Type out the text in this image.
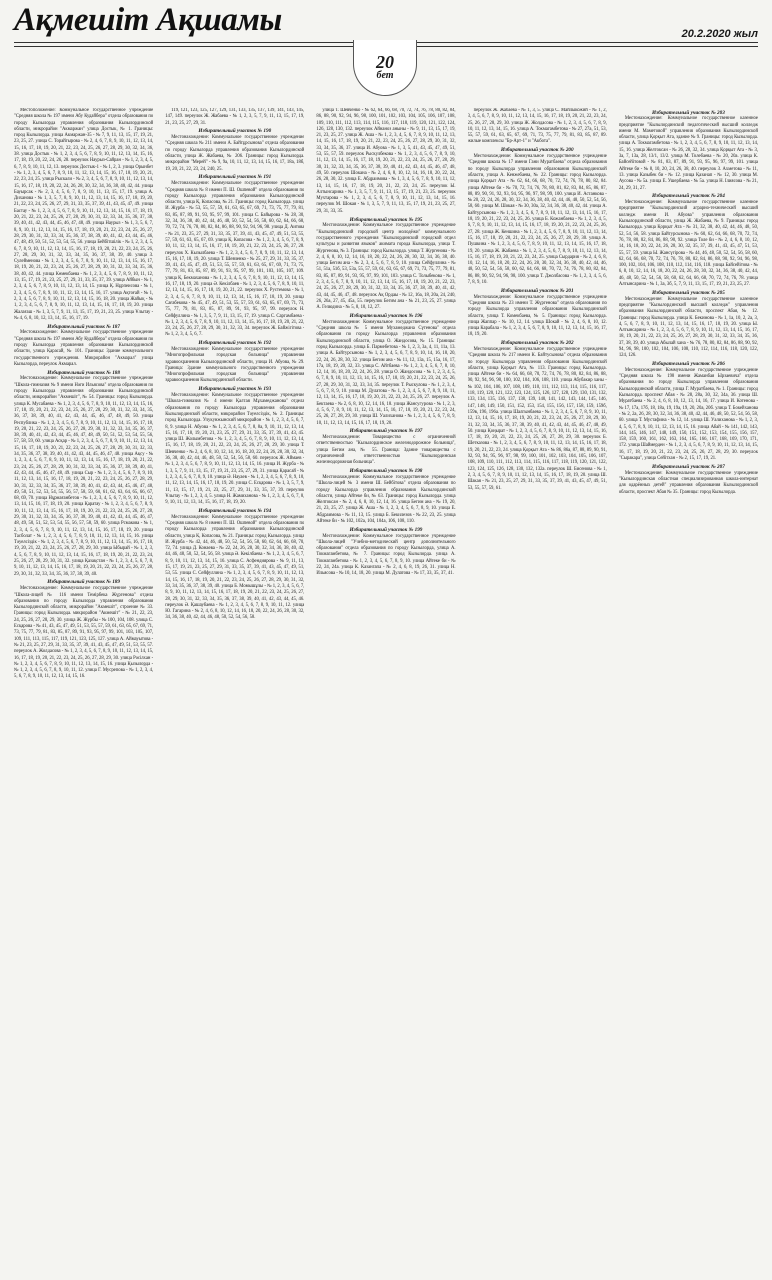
Ақмешіт Ақшамы	20.2.2020 жыл
20
бет

Местоположение: Коммунальное государственное учреждение "Средняя школа № 197 имени Абу Кудайбера" отдела образования по городу Кызылорда управления образования Кызылординской области, микрорайон "Акмаржан" улица Достык, № 1. Границы: город Кызылорда. улица Акмаржан-35 - № 7, 9, 11, 13, 15, 17, 19, 21, 23, 25, 27. улица С. Торайгырова - № 2, 4, 6, 7, 8, 9, 10, 11, 12, 13, 14, 15, 16, 17, 18, 19, 20, 21, 22, 23, 24, 25, 26, 27, 28, 29, 30, 32, 34, 36, 38. улица Достык - № 1, 2, 3, 4, 5, 6, 7, 8, 9, 10, 11, 12, 13, 14, 15, 16, 17, 18, 19, 20, 22, 24, 26, 28. переулок Наурыз-Сайран - № 1, 2, 3, 4, 5, 6, 7, 8, 9, 10, 11, 12, 13. переулок Достык-1 - № 1, 2, 3. улица Орынбет - № 1, 2, 3, 4, 5, 6, 7, 8, 9, 10, 11, 12, 13, 14, 15, 16, 17, 18, 19, 20, 21, 22, 23, 24, 25. улица Рыскали - № 2, 3, 4, 5, 6, 7, 8, 9, 10, 11, 12, 13, 14, 15, 16, 17, 18, 19, 20, 22, 24, 26, 28, 30, 32, 34, 36, 38, 40, 42, 44. улица Бауырсак - № 2, 3, 4, 5, 6, 7, 8, 9, 10, 11, 13, 15, 17, 19. улица А. Диханова - № 1, 3, 5, 7, 8, 9, 10, 11, 12, 13, 14, 15, 16, 17, 18, 19, 20, 21, 22, 23, 24, 25, 26, 27, 29, 31, 33, 35, 37, 39, 41, 43, 45, 47, 49. улица Бастау - № 1, 2, 3, 4, 5, 6, 7, 8, 9, 10, 11, 12, 13, 14, 15, 16, 17, 18, 19, 20, 21, 22, 23, 24, 25, 26, 27, 28, 29, 30, 31, 32, 33, 34, 35, 36, 37, 38, 39, 40, 41, 42, 43, 44, 45, 46, 47, 48, 49. улица Наурыз - № 1, 3, 5, 6, 7, 8, 9, 10, 11, 12, 13, 14, 15, 16, 17, 18, 19, 20, 21, 22, 23, 24, 25, 26, 27, 28, 29, 30, 31, 32, 33, 34, 35, 36, 37, 38, 39, 40, 41, 42, 43, 44, 45, 46, 47, 48, 49, 50, 51, 52, 53, 54, 55, 56. улица Бейбітшілік - № 1, 2, 3, 4, 5, 6, 7, 8, 9, 10, 11, 12, 13, 14, 15, 16, 17, 18, 19, 20, 21, 22, 23, 24, 25, 26, 27, 28, 29, 30, 31, 32, 33, 34, 35, 36, 37, 38, 39, 40. улица З. Сулейменова - № 1, 2, 3, 4, 5, 6, 7, 8, 9, 10, 11, 12, 13, 14, 15, 16, 17, 18, 19, 20, 21, 22, 23, 24, 25, 26, 27, 28, 29, 30, 31, 32, 33, 34, 35, 36, 38, 40, 42, 44. улица Көмекбаева - № 1, 2, 3, 4, 5, 6, 7, 8, 9, 10, 11, 12, 13, 15, 17, 19, 21, 23, 25, 27, 29, 31, 33, 35, 37, 39. улица Айбын - № 1, 2, 3, 4, 5, 6, 7, 8, 9, 10, 11, 12, 13, 14, 15. улица Қ. Нұрпеисова - № 1, 2, 3, 4, 5, 6, 7, 8, 9, 10, 11, 12, 13, 14, 15, 16, 17. улица Ақтоғай - № 1, 2, 3, 4, 5, 6, 7, 8, 9, 10, 11, 12, 13, 14, 15, 16, 18, 20. улица Жайық - № 1, 2, 3, 4, 5, 6, 7, 8, 9, 10, 11, 12, 13, 14, 15, 16, 17, 18, 19, 20. улица Жалағаш - № 1, 3, 5, 7, 9, 11, 13, 15, 17, 19, 21, 23, 25. улица Ұлытау - № 4, 6, 8, 10, 12, 13, 14, 15, 16, 17, 19.

Избирательный участок № 187

Местонахождение: Коммунальное государственное учреждение "Средняя школа № 197 имени Абу Кудайбера" отдела образования по городу Кызылорда управления образования Кызылординской области, улица Қарасай, № 101. Границы: Здание коммунального государственного учреждения. Микрорайон "Акмарал" улица Кызылорда, переулок Акмарал.

Избирательный участок № 188

Местонахождение: Коммунальное государственное учреждение "Школа-гимназия № 9 имени Нәги Ильясова" отдела образования по городу Кызылорда управления образования Кызылординской области, микрорайон "Акмешіт", № 54. Границы: город Кызылорда. улица К. Мусабаева - № 1, 2, 3, 4, 5, 6, 7, 8, 9, 10, 11, 12, 13, 14, 15, 16, 17, 18, 19, 20, 21, 22, 23, 24, 25, 26, 27, 28, 29, 30, 31, 32, 33, 34, 35, 36, 37, 38, 39, 40, 41, 42, 43, 44, 45, 46, 47, 48, 49, 50. улица Республика - № 1, 2, 3, 4, 5, 6, 7, 8, 9, 10, 11, 12, 13, 14, 15, 16, 17, 18, 19, 20, 21, 22, 23, 24, 25, 26, 27, 28, 29, 30, 31, 32, 33, 34, 35, 36, 37, 38, 39, 40, 41, 42, 43, 44, 45, 46, 47, 48, 49, 50, 51, 52, 53, 54, 55, 56, 57, 58, 59, 60. улица Асқар - № 1, 2, 3, 4, 5, 6, 7, 8, 9, 10, 11, 12, 13, 14, 15, 16, 17, 18, 19, 20, 21, 22, 23, 24, 25, 26, 27, 28, 29, 30, 31, 32, 33, 34, 35, 36, 37, 38, 39, 40, 41, 42, 43, 44, 45, 46, 47, 48. улица Ақсу - № 1, 2, 3, 4, 5, 6, 7, 8, 9, 10, 11, 12, 13, 14, 15, 16, 17, 18, 19, 20, 21, 22, 23, 24, 25, 26, 27, 28, 29, 30, 31, 32, 33, 34, 35, 36, 37, 38, 39, 40, 41, 42, 43, 44, 45, 46, 47, 48, 49. улица Сыр - № 1, 2, 3, 4, 5, 6, 7, 8, 9, 10, 11, 12, 13, 14, 15, 16, 17, 18, 19, 20, 21, 22, 23, 24, 25, 26, 27, 28, 29, 30, 31, 32, 33, 34, 35, 36, 37, 38, 39, 40, 41, 42, 43, 44, 45, 46, 47, 48, 49, 50, 51, 52, 53, 54, 55, 56, 57, 58, 59, 60, 61, 62, 63, 64, 65, 66, 67, 68, 69, 70. улица Нұрмағанбетов - № 1, 2, 3, 4, 5, 6, 7, 8, 9, 10, 11, 12, 13, 14, 15, 16, 17, 18, 19, 20. улица Қаратау - № 1, 2, 3, 4, 5, 6, 7, 8, 9, 10, 11, 12, 13, 14, 15, 16, 17, 18, 19, 20, 21, 22, 23, 24, 25, 26, 27, 28, 29, 30, 31, 32, 33, 34, 35, 36, 37, 38, 39, 40, 41, 42, 43, 44, 45, 46, 47, 48, 49, 50, 51, 52, 53, 54, 55, 56, 57, 58, 59, 60. улица Рсмакова - № 1, 2, 3, 4, 5, 6, 7, 8, 9, 10, 11, 12, 13, 14, 15, 16, 17, 18, 19, 20. улица Тасболат - № 1, 2, 3, 4, 5, 6, 7, 8, 9, 10, 11, 12, 13, 14, 15, 16. улица Тәуелсіздік - № 1, 2, 3, 4, 5, 6, 7, 8, 9, 10, 11, 12, 13, 14, 15, 16, 17, 18, 19, 20, 21, 22, 23, 24, 25, 26, 27, 28, 29, 30. улица Ыбырай - № 1, 2, 3, 4, 5, 6, 7, 8, 9, 10, 11, 12, 13, 14, 15, 16, 17, 18, 19, 20, 21, 22, 23, 24, 25, 26, 27, 28, 29, 30, 31, 32. улица Қазақстан - № 1, 2, 3, 4, 5, 6, 7, 8, 9, 10, 11, 12, 13, 14, 15, 16, 17, 18, 19, 20, 21, 22, 23, 24, 25, 26, 27, 28, 29, 30, 31, 32, 33, 34, 35, 36, 37, 38, 39, 40.

Избирательный участок № 189

Местонахождение: Коммунальное государственное учреждение "Школа-лицей № 116 имени Темірбека Жүргенова" отдела образования по городу Кызылорда управления образования Кызылординской области, микрорайон "Акмешіт", строение № 33. Границы: город Кызылорда. микрорайон "Акмешіт" - № 21, 22, 23, 24, 25, 26, 27, 28, 29, 30. улица Ж. Жүрбы - № 100, 104, 108. улица С. Есқарова - № 41, 43, 45, 47, 49, 51, 53, 55, 57, 59, 61, 63, 65, 67, 69, 71, 73, 75, 77, 79, 81, 83, 85, 87, 89, 91, 93, 95, 97, 99, 101, 103, 105, 107, 109, 111, 113, 115, 117, 119, 121, 123, 125, 127. улица А. Аймауытова - № 21, 23, 25, 27, 29, 31, 33, 35, 37, 39, 41, 43, 45, 47, 49, 51, 53, 55, 57. переулок А. Жолдасова - № 1, 2, 3, 4, 5, 6, 7, 8, 9, 10, 11, 12, 13, 14, 15, 16, 17, 18, 19, 20, 21, 22, 23, 24, 25, 26, 27, 28, 29, 30. улица Рәсілхан - № 1, 2, 3, 4, 5, 6, 7, 8, 9, 10, 11, 12, 13, 14, 15, 16. улица Қызылорда - № 1, 2, 3, 4, 5, 6, 7, 8, 9, 10, 11, 12. улица Г. Мусрепова - № 1, 2, 3, 4, 5, 6, 7, 8, 9, 10, 11, 12, 13, 14, 15, 16.

119, 121, 123, 125, 127, 129, 131, 133, 135, 137, 139, 141, 143, 145, 147, 149. переулок Ж. Жабаева - № 1, 2, 3, 5, 7, 9, 11, 13, 15, 17, 19, 21, 23, 25, 27, 29, 31.

Избирательный участок № 190

Местонахождение: Коммунальное государственное учреждение "Средняя школа № 211 имени А. Байтұрсынова" отдела образования по городу Кызылорда управления образования Кызылординской области, улица Ж. Жабаева, № 206. Границы: город Кызылорда. микрорайон "Мерей" - № 9, 9а, 10, 11, 12, 13, 14, 15, 16, 17, 18а, 18б, 19, 20, 21, 22, 23, 24, 240, 25.

Избирательный участок № 191

Местонахождение: Коммунальное государственное учреждение "Средняя школа № 8 имени П. Ш. Ошпевой" отдела образования по городу Кызылорда управления образования Кызылординской области, улица Қ. Копасова, № 21. Границы: город Кызылорда. улица И. Жүрба - № 53, 55, 57, 59, 61, 63, 65, 67, 69, 71, 73, 75, 77, 79, 81, 83, 85, 87, 89, 91, 93, 95, 97, 99, 101. улица С. Байырова - № 28, 30, 32, 34, 36, 38, 40, 42, 44, 46, 48, 50, 52, 54, 56, 58, 60, 62, 64, 66, 68, 70, 72, 74, 76, 78, 80, 82, 84, 86, 88, 90, 92, 94, 96, 98. улица Д. Аитова - № 21, 23, 25, 27, 29, 31, 33, 35, 37, 39, 41, 43, 45, 47, 49, 51, 53, 55, 57, 59, 61, 63, 65, 67, 69. улица Қ. Копасова - № 1, 2, 3, 4, 5, 6, 7, 8, 9, 10, 11, 12, 13, 14, 15, 16, 17, 18, 19, 20, 21, 22, 23, 24, 25, 26, 27, 28. переулок Х. Кызылбаева - № 1, 2, 3, 4, 5, 6, 7, 8, 9, 10, 11, 12, 13, 14, 15, 16, 17, 18, 19, 20. улица Т. Шевченко - № 25, 27, 29, 31, 33, 35, 37, 39, 41, 43, 45, 47, 49, 51, 53, 55, 57, 59, 61, 63, 65, 67, 69, 71, 73, 75, 77, 79, 81, 83, 85, 87, 89, 91, 93, 95, 97, 99, 101, 103, 105, 107, 109. улица Қ. Бекмаханова - № 1, 2, 3, 4, 5, 6, 7, 8, 9, 10, 11, 12, 13, 14, 15, 16, 17, 18, 19, 20. улица Ә. Кекілбаев - № 1, 2, 3, 4, 5, 6, 7, 8, 9, 10, 11, 12, 13, 14, 15, 16, 17, 18, 19, 20, 21, 22. переулок Х. Рустемова - № 1, 2, 3, 4, 5, 6, 7, 8, 9, 10, 11, 12, 13, 14, 15, 16, 17, 18, 19, 20. улица Сағабекова - № 45, 47, 49, 51, 53, 55, 57, 59, 61, 63, 65, 67, 69, 71, 73, 75, 77, 79, 81, 83, 85, 87, 89, 91, 93, 95, 97, 99. переулок Н. Сейфуллина - № 1, 3, 5, 7, 9, 11, 13, 15, 17, 19. улица С. Саргамбаева - № 1, 2, 3, 4, 5, 6, 7, 8, 9, 10, 11, 12, 13, 14, 15, 16, 17, 18, 19, 20, 21, 22, 23, 24, 25, 26, 27, 28, 29, 30, 31, 32, 33, 34. переулок Ж. Байжігітова - № 1, 2, 3, 4, 5, 6, 7.

Избирательный участок № 192

Местонахождение: Коммунальное государственное учреждение "Многопрофильная городская больница" управления здравоохранения Кызылординской области, улица И. Абуова, № 29. Граница: Здание коммунального государственного учреждения "Многопрофильная городская больница" управления здравоохранения Кызылординской области.

Избирательный участок № 193

Местонахождение: Коммунальное государственное учреждение "Школа-гимназия № 4 имени Қалтая Мұхамеджанова" отдела образования по городу Кызылорда управления образования Кызылординской области, микрорайон Тәуелсіздік, № 2. Границы: город Кызылорда. Улукунжынский микрорайон - № 1, 2, 3, 4, 5, 6, 7, 8, 9. улица Н. Абуова - № 1, 2, 3, 4, 5, 6, 7, 8, 8а, 9, 10, 11, 12, 13, 14, 15, 16, 17, 18, 19, 20, 21, 23, 25, 27, 29, 31, 33, 35, 37, 39, 41, 43, 45. улица Ш. Жолымбетова - № 1, 2, 3, 4, 5, 6, 7, 8, 9, 10, 11, 12, 13, 14, 15, 16, 17, 18, 19, 20, 21, 22, 23, 24, 25, 26, 27, 28, 29, 30. улица Т. Шевченко - № 2, 4, 6, 8, 10, 12, 14, 16, 18, 20, 22, 24, 26, 28, 30, 32, 34, 36, 38, 40, 42, 44, 46, 48, 50, 52, 54, 56, 58, 60. переулок Ж. Аймаев - № 1, 2, 3, 4, 5, 6, 7, 8, 9, 10, 11, 12, 13, 14, 15, 16. улица И. Жүрба - № 1, 3, 5, 7, 9, 11, 13, 15, 17, 19, 21, 23, 25, 27, 29, 31. улица Қарасай - № 1, 2, 3, 4, 5, 6, 7, 8, 9, 10. улица Ә. Науаев - № 1, 2, 3, 4, 5, 6, 7, 8, 9, 10, 11, 12, 13, 14, 15, 16, 17, 18, 19, 20. улица С. Есқарова - № 1, 3, 5, 7, 9, 11, 13, 15, 17, 19, 21, 23, 25, 27, 29, 31, 33, 35, 37, 39. переулок Ұлытау - № 1, 2, 3, 4, 5. улица Н. Жамиханова - № 1, 2, 3, 4, 5, 6, 7, 8, 9, 10, 11, 12, 13, 14, 15, 16, 17, 18, 19, 20.

Избирательный участок № 194

Местонахождение: Коммунальное государственное учреждение "Средняя школа № 8 имени П. Ш. Ошпевой" отдела образования по городу Кызылорда управления образования Кызылординской области, улица Қ. Копасова, № 21. Границы: город Кызылорда. улица И. Жүрба - № 42, 44, 46, 48, 50, 52, 54, 56, 58, 60, 62, 64, 66, 68, 70, 72, 74. улица Д. Конаева - № 22, 24, 26, 28, 30, 32, 34, 36, 38, 40, 42, 44, 46, 48, 50, 52, 54, 56, 58. улица Ә. Кекілбаева - № 1, 2, 3, 4, 5, 6, 7, 8, 9, 10, 11, 12, 13, 14, 15, 16. улица С. Асфендиярова - № 9, 11, 13, 15, 17, 19, 21, 23, 25, 27, 29, 31, 33, 35, 37, 39, 41, 43, 45, 47, 49, 51, 53, 55. улица С. Сейфуллина - № 1, 2, 3, 4, 5, 6, 7, 8, 9, 10, 11, 12, 13, 14, 15, 16, 17, 18, 19, 20, 21, 22, 23, 24, 25, 26, 27, 28, 29, 30, 31, 32, 33, 34, 35, 36, 37, 38, 39, 40. улица Б. Момышұлы - № 1, 2, 3, 4, 5, 6, 7, 8, 9, 10, 11, 12, 13, 14, 15, 16, 17, 18, 19, 20, 21, 22, 23, 24, 25, 26, 27, 28, 29, 30, 31, 32, 33, 34, 35, 36, 37, 38, 39, 40, 41, 42, 43, 44, 45, 46. переулок Ә. Қашаубаева - № 1, 2, 3, 4, 5, 6, 7, 8, 9, 10, 11, 12. улица Ю. Гагарина - № 2, 4, 6, 8, 10, 12, 14, 16, 18, 20, 22, 24, 26, 28, 30, 32, 34, 36, 38, 40, 42, 44, 46, 48, 50, 52, 54, 56, 58.

улица Т. Шевченко - № 62, 64, 66, 68, 70, 72, 74, 76, 78, 80, 82, 84, 86, 88, 90, 92, 94, 96, 98, 100, 101, 102, 103, 104, 105, 106, 107, 108, 109, 110, 111, 112, 113, 114, 115, 116, 117, 118, 119, 120, 121, 122, 124, 126, 128, 130, 132. переулок Айнаноз аныны - № 9, 11, 13, 15, 17, 19, 21, 23, 25, 27. улица Ж. Аша - № 1, 2, 3, 4, 5, 6, 7, 8, 9, 10, 11, 12, 13, 14, 15, 16, 17, 18, 19, 20, 21, 22, 23, 24, 25, 26, 27, 28, 29, 30, 31, 32, 33, 34, 35, 36, 37. улица И. Абуова - № 1, 3, 5, 41, 43, 45, 47, 49, 51, 53, 55, 57, 59. переулок Рыскулбекова - № 1, 2, 3, 4, 5, 6, 7, 8, 9, 10, 11, 12, 13, 14, 15, 16, 17, 18, 19, 20, 21, 22, 23, 24, 25, 26, 27, 28, 29, 30, 31, 32, 33, 34, 35, 36, 37, 38, 39, 40, 41, 42, 43, 44, 45, 46, 47, 48, 49, 50. переулок Шокана - № 2, 4, 6, 8, 10, 12, 14, 16, 18, 20, 22, 24, 26, 28, 30, 32. улица Е. Абдраимова - № 1, 3, 4, 5, 6, 7, 8, 9, 10, 11, 12, 13, 14, 15, 16, 17, 18, 19, 20, 21, 22, 23, 24, 25. переулок Ы. Алтынсарина - № 1, 3, 5, 7, 9, 11, 13, 15, 17, 19, 21, 23, 25. переулок Мухтарова - № 1, 2, 3, 4, 5, 6, 7, 8, 9, 10, 11, 12, 13, 14, 15, 16. переулок М. Шокая - № 1, 3, 5, 7, 9, 11, 13, 15, 17, 19, 21, 23, 25, 27, 29, 31, 33, 35.

Избирательный участок № 195

Местонахождение: Коммунальное государственное учреждение "Кызылординский городской центр молодёжи" коммунального государственного учреждения "Кызылординский городской отдел культуры и развития языков" акимата города Кызылорда, улица Т. Жургенова, № 3. Границы: город Кызылорда. улица Т. Жургенова - № 2, 4, 6, 8, 10, 12, 14, 16, 18, 20, 22, 24, 26, 28, 30, 32, 34, 36, 38, 40. улица Бегим ана - № 2, 3, 4, 5, 6, 7, 8, 9, 10. улица Сейфуллина - № 51, 51а, 51б, 53, 53а, 55, 57, 59, 61, 63, 65, 67, 69, 71, 73, 75, 77, 79, 81, 83, 85, 87, 89, 91, 93, 95, 97, 99, 101, 103. улица С. Толыбекова - № 1, 2, 3, 4, 5, 6, 7, 8, 9, 10, 11, 12, 13, 14, 15, 16, 17, 18, 19, 20, 21, 22, 23, 24, 25, 26, 27, 28, 29, 30, 31, 32, 33, 34, 35, 36, 37, 38, 39, 40, 41, 42, 43, 44, 45, 46, 47, 48. переулок Ақ Ордаы - № 12, 16а, 18, 20а, 24, 240, 26, 26а, 27, 45, 45а, 55. переулок Бегим ана - № 21, 23, 25, 27. улица А. Гелюдина - № 5, 8, 10, 12, 27.

Избирательный участок № 196

Местонахождение: Коммунальное государственное учреждение "Средняя школа № 5 имени Мухамеджана Сүтенова" отдела образования по городу Кызылорда управления образования Кызылординской области, улица О. Жандосова, № 15. Границы: город Кызылорда. улица Б. Пармебетова - № 1, 2, 3, 3а, 4, 11, 11а, 13. улица А. Байтурсынова - № 1, 2, 3, 4, 5, 6, 7, 8, 9, 10, 14, 16, 18, 20, 22, 24, 26, 28, 30, 32. улица Бегим ана - № 11, 12, 13а, 15, 15а, 16, 17, 17а, 18, 19, 20, 32, 33. улица С. Айтбаева - № 1, 2, 3, 4, 5, 6, 7, 8, 10, 12, 14, 16, 18, 20, 22, 24, 26, 28. улица О. Жандосова - № 1, 2, 3, 4, 5, 6, 7, 8, 9, 10, 11, 12, 13, 14, 15, 16, 17, 18, 19, 20, 21, 22, 23, 24, 25, 26, 27, 28, 29, 30, 31, 32, 33, 34, 35. переулок Т. Рыскулова - № 1, 2, 3, 4, 5, 6, 7, 8, 9, 10. улица М. Дулатова - № 1, 2, 3, 4, 5, 6, 7, 8, 9, 10, 11, 12, 13, 14, 15, 16, 17, 18, 19, 20, 21, 22, 23, 24, 25, 26, 27. переулок А. Бектаева - № 2, 6, 8, 10, 12, 14, 16, 18. улица Жансугурова - № 1, 2, 3, 4, 5, 6, 7, 8, 9, 10, 11, 12, 13, 14, 15, 16, 17, 18, 19, 20, 21, 22, 23, 24, 25, 26, 27, 28, 29, 30. улица Ш. Уалиханова - № 1, 2, 3, 4, 5, 6, 7, 8, 9, 10, 11, 12, 13, 14, 15, 16, 17, 18, 19, 20.

Избирательный участок № 197

Местонахождение: Товарищество с ограниченной ответственностью "Кызылординское железнодорожное больница", улица Бегим ана, № 55. Граница: Здание товарищества с ограниченной ответственностью "Кызылординская железнодорожная больница".

Избирательный участок № 198

Местонахождение: Коммунальное государственное учреждение "Школа-лицей № 3 имени Ш. Бейбітова" отдела образования по городу Кызылорда управления образования Кызылординской области, улица Айтеке би, № 63. Границы: город Кызылорда. улица Желтоксан - № 2, 4, 6, 8, 10, 12, 14, 16. улица Бегим ана - № 19, 20, 21, 23, 25, 27. улица Ж. Аша - № 1, 2, 3, 4, 5, 6, 7, 8, 9, 10. улица Е. Абдраимова - № 11, 13, 15. улица Б. Бекилезов - № 22, 23, 25. улица Айтеке би - № 102, 102а, 104, 104а, 106, 108, 110.

Избирательный участок № 199

Местонахождение: Коммунальное государственное учреждение "Школа-лицей "Учебно-методический центр дополнительного образования" отдела образования по городу Кызылорда, улица А. Токмагамбетова, № 7. Границы: город Кызылорда. улица А. Токмагамбетова - № 1, 2, 3, 4, 5, 6, 7, 8, 9, 10. улица Айтеке би - № 22, 24, 24а. улица К. Казангапа - № 2, 4, 6, 8, 19, 26, 31. улица Н. Ильясова - № 10, 14, 18, 20. улица М. Дулатова - № 17, 33, 35, 37, 41.

переулок Ж. Жабаева - № 1, 3, 5. улица С. Майлыкожий - № 1, 2, 3, 4, 5, 6, 7, 8, 9, 10, 11, 12, 13, 14, 15, 16, 17, 18, 19, 20, 21, 22, 23, 24, 25, 26, 27, 28, 29, 30. улица Ж. Жолдасова - № 1, 2, 3, 4, 5, 6, 7, 8, 9, 10, 11, 12, 13, 14, 15, 16. улица А. Токмагамбетова - № 27, 27а, 51, 53, 55, 57, 59, 61, 63, 65, 67, 69, 71, 73, 75, 77, 79, 81, 83, 85, 87, 89. жилые комплексы "Бр-Арт-1" и "Акбота".

Избирательный участок № 200

Местонахождение: Коммунальное государственное учреждение "Средняя школа № 17 имени Гани Муратбаева" отдела образования по городу Кызылорда управления образования Кызылординской области, улица А. Кенжебаева, № 22. Границы: город Кызылорда. улица Қорқыт Ата - № 62, 64, 66, 68, 70, 72, 74, 76, 78, 80, 82, 84. улица Айтеке би - № 70, 72, 74, 76, 78, 80, 81, 82, 83, 84, 85, 86, 87, 88, 89, 90, 91, 92, 93, 94, 95, 96, 97, 98, 99, 100. улица И. Астанкова - № 20, 22, 24, 26, 28, 30, 32, 34, 36, 38, 40, 42, 44, 46, 48, 50, 52, 54, 56, 58, 60. улица М. Шокая - № 30, 30а, 32, 34, 36, 38, 40, 42, 44. улица А. Байтурсынова - № 1, 2, 3, 4, 5, 6, 7, 8, 9, 10, 11, 12, 13, 14, 15, 16, 17, 18, 19, 20, 21, 22, 23, 24, 25, 26. улица Б. Кожанбаева - № 1, 2, 3, 4, 5, 6, 7, 8, 9, 10, 11, 12, 13, 14, 15, 16, 17, 18, 19, 20, 21, 22, 23, 24, 25, 26, 27, 28. улица Ж. Кеншина - № 1, 2, 3, 4, 5, 6, 7, 8, 9, 10, 11, 12, 13, 14, 15, 16, 17, 18, 19, 20, 21, 22, 23, 24, 25, 26, 27, 28, 29, 30. улица А. Пушкина - № 1, 2, 3, 4, 5, 6, 7, 8, 9, 10, 11, 12, 13, 14, 15, 16, 17, 18, 19, 20. улица Ж. Жабаева - № 1, 2, 3, 4, 5, 6, 7, 8, 9, 10, 11, 12, 13, 14, 15, 16, 17, 18, 19, 20, 21, 22, 23, 24, 25. улица Сырдария - № 2, 4, 6, 8, 10, 12, 14, 16, 18, 20, 22, 24, 26, 28, 30, 32, 34, 36, 38, 40, 42, 44, 46, 48, 50, 52, 54, 56, 58, 60, 62, 64, 66, 68, 70, 72, 74, 76, 78, 80, 82, 84, 86, 88, 90, 92, 94, 96, 98, 100. улица Т. Джолбасова - № 1, 2, 3, 4, 5, 6, 7, 8, 9, 10.

Избирательный участок № 201

Местонахождение: Коммунальное государственное учреждение "Средняя школа № 23 имени Т. Жүргенова" отдела образования по городу Кызылорда управления образования Кызылординской области, улица Т. Комекбаева, № 5. Границы: город Кызылорда. улица Жаппар - № 10, 12, 14. улица Шокай - № 2, 4, 6, 8, 10, 12. улица Карабала - № 1, 2, 3, 4, 5, 6, 7, 8, 9, 10, 11, 12, 13, 14, 15, 16, 17, 18, 19, 20.

Избирательный участок № 202

Местонахождение: Коммунальное государственное учреждение "Средняя школа № 217 имени К. Байтусынова" отдела образования по городу Кызылорда управления образования Кызылординской области, улица Қорқыт Ата, № 113. Границы: город Кызылорда. улица Айтеке би - № 64, 66, 68, 70, 72, 74, 76, 78, 80, 82, 84, 86, 88, 90, 92, 94, 96, 98, 100, 102, 104, 106, 108, 110. улица Абубакир ханы - № 102, 104, 106, 107, 108, 109, 110, 111, 112, 113, 114, 115, 116, 117, 118, 119, 120, 121, 122, 123, 124, 125, 126, 127, 128, 129, 130, 131, 132, 133, 134, 135, 136, 137, 138, 139, 140, 141, 142, 143, 144, 145, 146, 147, 148, 149, 150, 151, 152, 153, 154, 155, 156, 157, 158, 159, 159б, 159в, 196, 196а. улица Шалгынбаева - № 1, 2, 3, 4, 5, 6, 7, 8, 9, 10, 11, 12, 13, 14, 15, 16, 17, 18, 19, 20, 21, 22, 23, 24, 25, 26, 27, 28, 29, 30, 31, 32, 33, 34, 35, 36, 37, 38, 39, 40, 41, 42, 43, 44, 45, 46, 47, 48, 49, 50. улица Қоңырат - № 1, 2, 3, 4, 5, 6, 7, 8, 9, 10, 11, 12, 13, 14, 15, 16, 17, 18, 19, 20, 21, 22, 23, 24, 25, 26, 27, 28, 29, 30. переулок Б. Шетказова - № 1, 2, 3, 4, 5, 6, 7, 8, 9, 10, 11, 12, 13, 14, 15, 16, 17, 18, 19, 20, 21, 22, 23, 24. улица Қорқыт Ата - № 86, 86а, 87, 88, 89, 90, 91, 92, 93, 94, 95, 96, 97, 98, 99, 100, 101, 102, 103, 104, 105, 106, 107, 108, 109, 110, 111, 112, 113, 114, 115, 116, 117, 118, 119, 120, 121, 122, 123, 124, 125, 126, 128, 130, 132, 132а. переулок Ш. Бисенова - № 1, 2, 3, 4, 5, 6, 7, 8, 9, 10, 11, 12, 13, 14, 15, 16, 17, 18, 19, 20. улица Ш. Шакая - № 21, 23, 25, 27, 29, 31, 33, 35, 37, 39, 41, 43, 45, 47, 49, 51, 53, 55, 57, 59, 61.

Избирательный участок № 203

Местонахождение: Коммунальное государственное казенное предприятие "Кызылординский педагогический высший колледж имени М. Маметовой" управления образования Кызылординской области, улица Қорқыт Ата, здание № 9. Границы: город Кызылорда. улица А. Токмагамбетова - № 1, 2, 3, 4, 5, 6, 7, 8, 9, 10, 11, 12, 13, 14, 15, 16. улица Желтоксан - № 26, 28, 32, 34. улица Қорқыт Ата - № 3, 3а, 7, 13а, 28, 13/1, 13/2. улица М. Толебаева - № 20, 20а. улица К. Байсейітовой - № 81, 83, 87, 89, 91, 93, 95, 96, 97, 99, 101. улица Айтеке би - № 8, 10, 20, 24, 26, 38, 40. переулок З. Ахметова - № 11, 13. улица Казыбек би - № 12. улица Қазанап - № 12, 30. улица М. Аусова - № 5а. улица Е. Ушербаева - № 5а. улица Н. Ілиясова - № 21, 24, 29, 31, 27.

Избирательный участок № 204

Местонахождение: Коммунальное государственное казенное предприятие "Кызылординский аграрно-технический высший колледж имени И. Абуова" управления образования Кызылординской области, улица Ж. Жабаева, № 9. Границы: город Кызылорда. улица Қорқыт Ата - № 31, 32, 38, 40, 42, 44, 46, 48, 50, 52, 54, 56, 58. улица Байтурсынова - № 60, 62, 64, 66, 68, 70, 72, 74, 76, 78, 80, 82, 84, 86, 88, 90, 92. улица Толе би - № 2, 4, 6, 8, 10, 12, 14, 16, 18, 20, 22, 24, 26, 28, 30, 32, 35, 37, 39, 41, 43, 45, 47, 51, 53, 55, 57, 59. улица Ы. Жансүгірова - № 44, 46, 48, 50, 52, 54, 56, 58, 60, 62, 64, 66, 68, 70, 72, 74, 76, 78, 80, 82, 84, 86, 88, 90, 92, 94, 96, 98, 100, 102, 104, 106, 108, 110, 112, 114, 116, 118. улица Байсейітова - № 6, 8, 10, 12, 14, 16, 18, 20, 22, 24, 26, 28, 30, 32, 34, 36, 38, 40, 42, 44, 46, 48, 50, 52, 54, 56, 58, 60, 62, 64, 66, 68, 70, 72, 74, 76, 78. улица Алтынсарина - № 1, 3а, 3б, 5, 7, 9, 11, 13, 15, 17, 19, 21, 23, 25, 27.

Избирательный участок № 205

Местонахождение: Коммунальное государственное казенное предприятие "Кызылординский высший колледж" управления образования Кызылординской области, проспект Абая, № 12. Границы: город Кызылорда. улица К. Бекимова - № 1, 1а, 10, 2, 2а, 3, 4, 5, 6, 7, 8, 9, 10, 11, 12, 13, 14, 15, 16, 17, 18, 19, 20. улица Ы. Алтынсарина - № 1, 2, 3, 4, 5, 6, 7, 8, 9, 10, 11, 12, 13, 14, 15, 16, 17, 18, 19, 20, 21, 22, 23, 24, 25, 26, 27, 28, 29, 30, 31, 32, 33, 34, 35, 36, 37, 38, 39, 40. улица Абылай хана - № 76, 78, 80, 82, 84, 86, 88, 90, 92, 94, 96, 98, 100, 102, 104, 106, 108, 110, 112, 114, 116, 118, 120, 122, 124, 126.

Избирательный участок № 206

Местонахождение: Коммунальное государственное учреждение "Средняя школа № 198 имени Жаманбая Ырзаевича" отдела образования по городу Кызылорда управления образования Кызылординской области, улица Г. Муратбаева, № 1. Границы: город Кызылорда. проспект Абая - № 28, 28а, 30, 32, 34а, 36. улица Ш. Муратбаева - № 2, 4, 6, 8, 10, 12, 13, 14, 16, 17. улица И. Котенова - № 17, 17а, 17б, 18, 18а, 19, 19а, 19, 20, 20а, 20б. улица Т. Бокейханова - № 2, 2а, 26, 28, 30, 32, 34, 36, 38, 40, 42, 44, 46, 48, 50, 52, 54, 56, 58, 60. улица Т. Мустафина - № 12, 14. улица Ш. Уалиханова - № 1, 2, 3, 4, 5, 6, 7, 8, 9, 10, 11, 12, 13, 14, 15, 16. улица Абай - № 141, 142, 143, 144, 145, 146, 147, 148, 149, 150, 151, 152, 153, 154, 155, 156, 157, 158, 159, 160, 161, 162, 163, 164, 165, 166, 167, 168, 169, 170, 171, 172. улица Шаймерден - № 1, 2, 3, 4, 5, 6, 7, 8, 9, 10, 11, 12, 13, 14, 15, 16, 17, 18, 19, 20, 21, 22, 23, 24, 25, 26, 27, 28, 29, 30. переулок "Сыракара", улица Сейітхан - № 2, 15, 17, 19, 21.

Избирательный участок № 207

Местонахождение: Коммунальное государственное учреждение "Кызылординская областная специализированная школа-интернат для одарённых детей" управления образования Кызылординской области, проспект Абая № 35. Границы: город Кызылорда.
